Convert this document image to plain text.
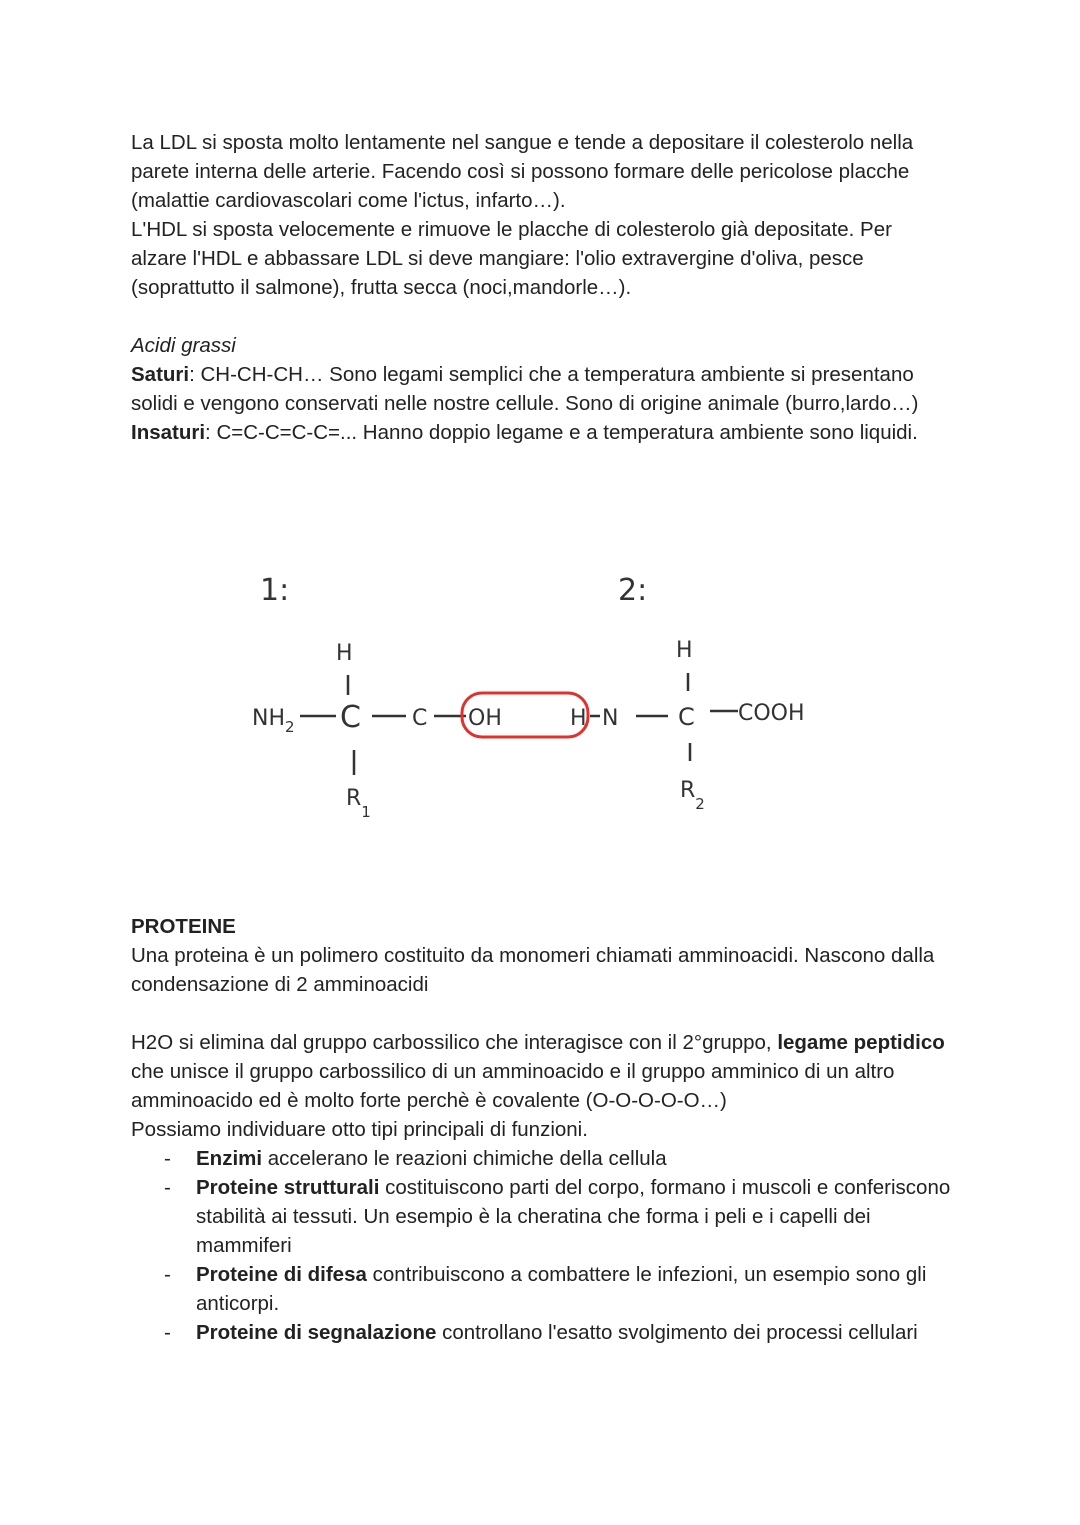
La LDL si sposta molto lentamente nel sangue e tende a depositare il colesterolo nella parete interna delle arterie. Facendo così si possono formare delle pericolose placche (malattie cardiovascolari come l'ictus, infarto…).

L'HDL si sposta velocemente e rimuove le placche di colesterolo già depositate. Per alzare l'HDL e abbassare LDL si deve mangiare: l'olio extravergine d'oliva, pesce (soprattutto il salmone), frutta secca (noci,mandorle…).

Acidi grassi

Saturi: CH-CH-CH… Sono legami semplici che a temperatura ambiente si presentano solidi e vengono conservati nelle nostre cellule. Sono di origine animale (burro,lardo…)

Insaturi: C=C-C=C-C=... Hanno doppio legame e a temperatura ambiente sono liquidi.

1:	2:
H
$NH_2$ C C OH
$R_1$
H N
H
C COOH
$R_2$

PROTEINE

Una proteina è un polimero costituito da monomeri chiamati amminoacidi. Nascono dalla condensazione di 2 amminoacidi

H2O si elimina dal gruppo carbossilico che interagisce con il 2°gruppo, legame peptidico che unisce il gruppo carbossilico di un amminoacido e il gruppo amminico di un altro amminoacido ed è molto forte perchè è covalente (O-O-O-O-O…)

Possiamo individuare otto tipi principali di funzioni.

- Enzimi accelerano le reazioni chimiche della cellula
- Proteine strutturali costituiscono parti del corpo, formano i muscoli e conferiscono stabilità ai tessuti. Un esempio è la cheratina che forma i peli e i capelli dei mammiferi
- Proteine di difesa contribuiscono a combattere le infezioni, un esempio sono gli anticorpi.
- Proteine di segnalazione controllano l'esatto svolgimento dei processi cellulari
